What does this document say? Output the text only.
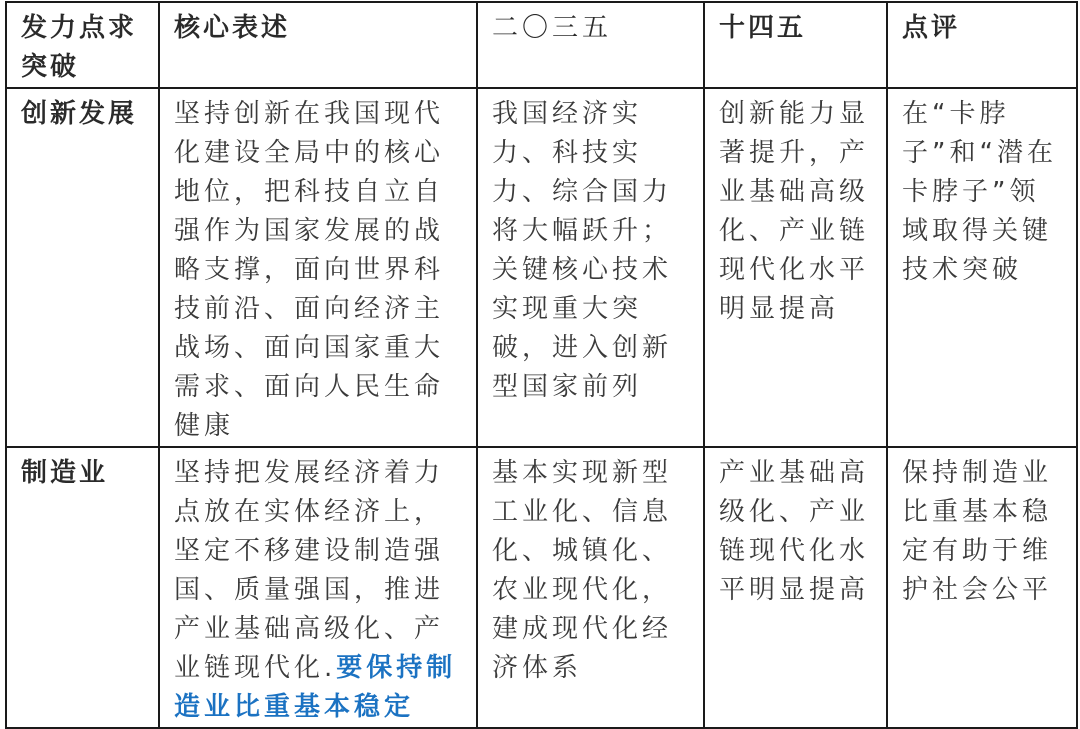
发力点求突破	核心表述	二〇三五	十四五	点评
创新发展	坚持创新在我国现代化建设全局中的核心地位，把科技自立自强作为国家发展的战略支撑，面向世界科技前沿、面向经济主战场、面向国家重大需求、面向人民生命健康	我国经济实力、科技实力、综合国力将大幅跃升；关键核心技术实现重大突破，进入创新型国家前列	创新能力显著提升，产业基础高级化、产业链现代化水平明显提高	在“卡脖子”和“潜在卡脖子”领域取得关键技术突破
制造业	坚持把发展经济着力点放在实体经济上，坚定不移建设制造强国、质量强国，推进产业基础高级化、产业链现代化.要保持制造业比重基本稳定	基本实现新型工业化、信息化、城镇化、农业现代化，建成现代化经济体系	产业基础高级化、产业链现代化水平明显提高	保持制造业比重基本稳定有助于维护社会公平
